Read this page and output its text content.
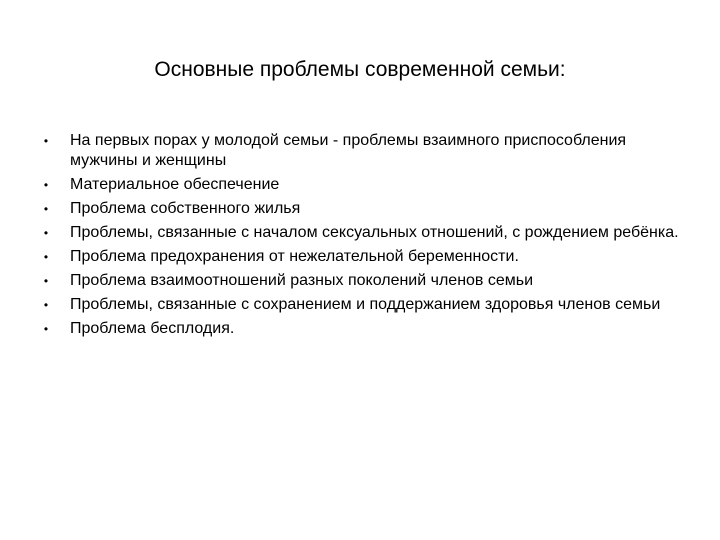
Основные проблемы современной семьи:
• На первых порах у молодой семьи - проблемы взаимного приспособления мужчины и женщины
• Материальное обеспечение
• Проблема собственного жилья
• Проблемы, связанные с началом сексуальных отношений, с рождением ребёнка.
• Проблема предохранения от нежелательной беременности.
• Проблема взаимоотношений разных поколений членов семьи
• Проблемы, связанные с сохранением и поддержанием здоровья членов семьи
• Проблема бесплодия.
